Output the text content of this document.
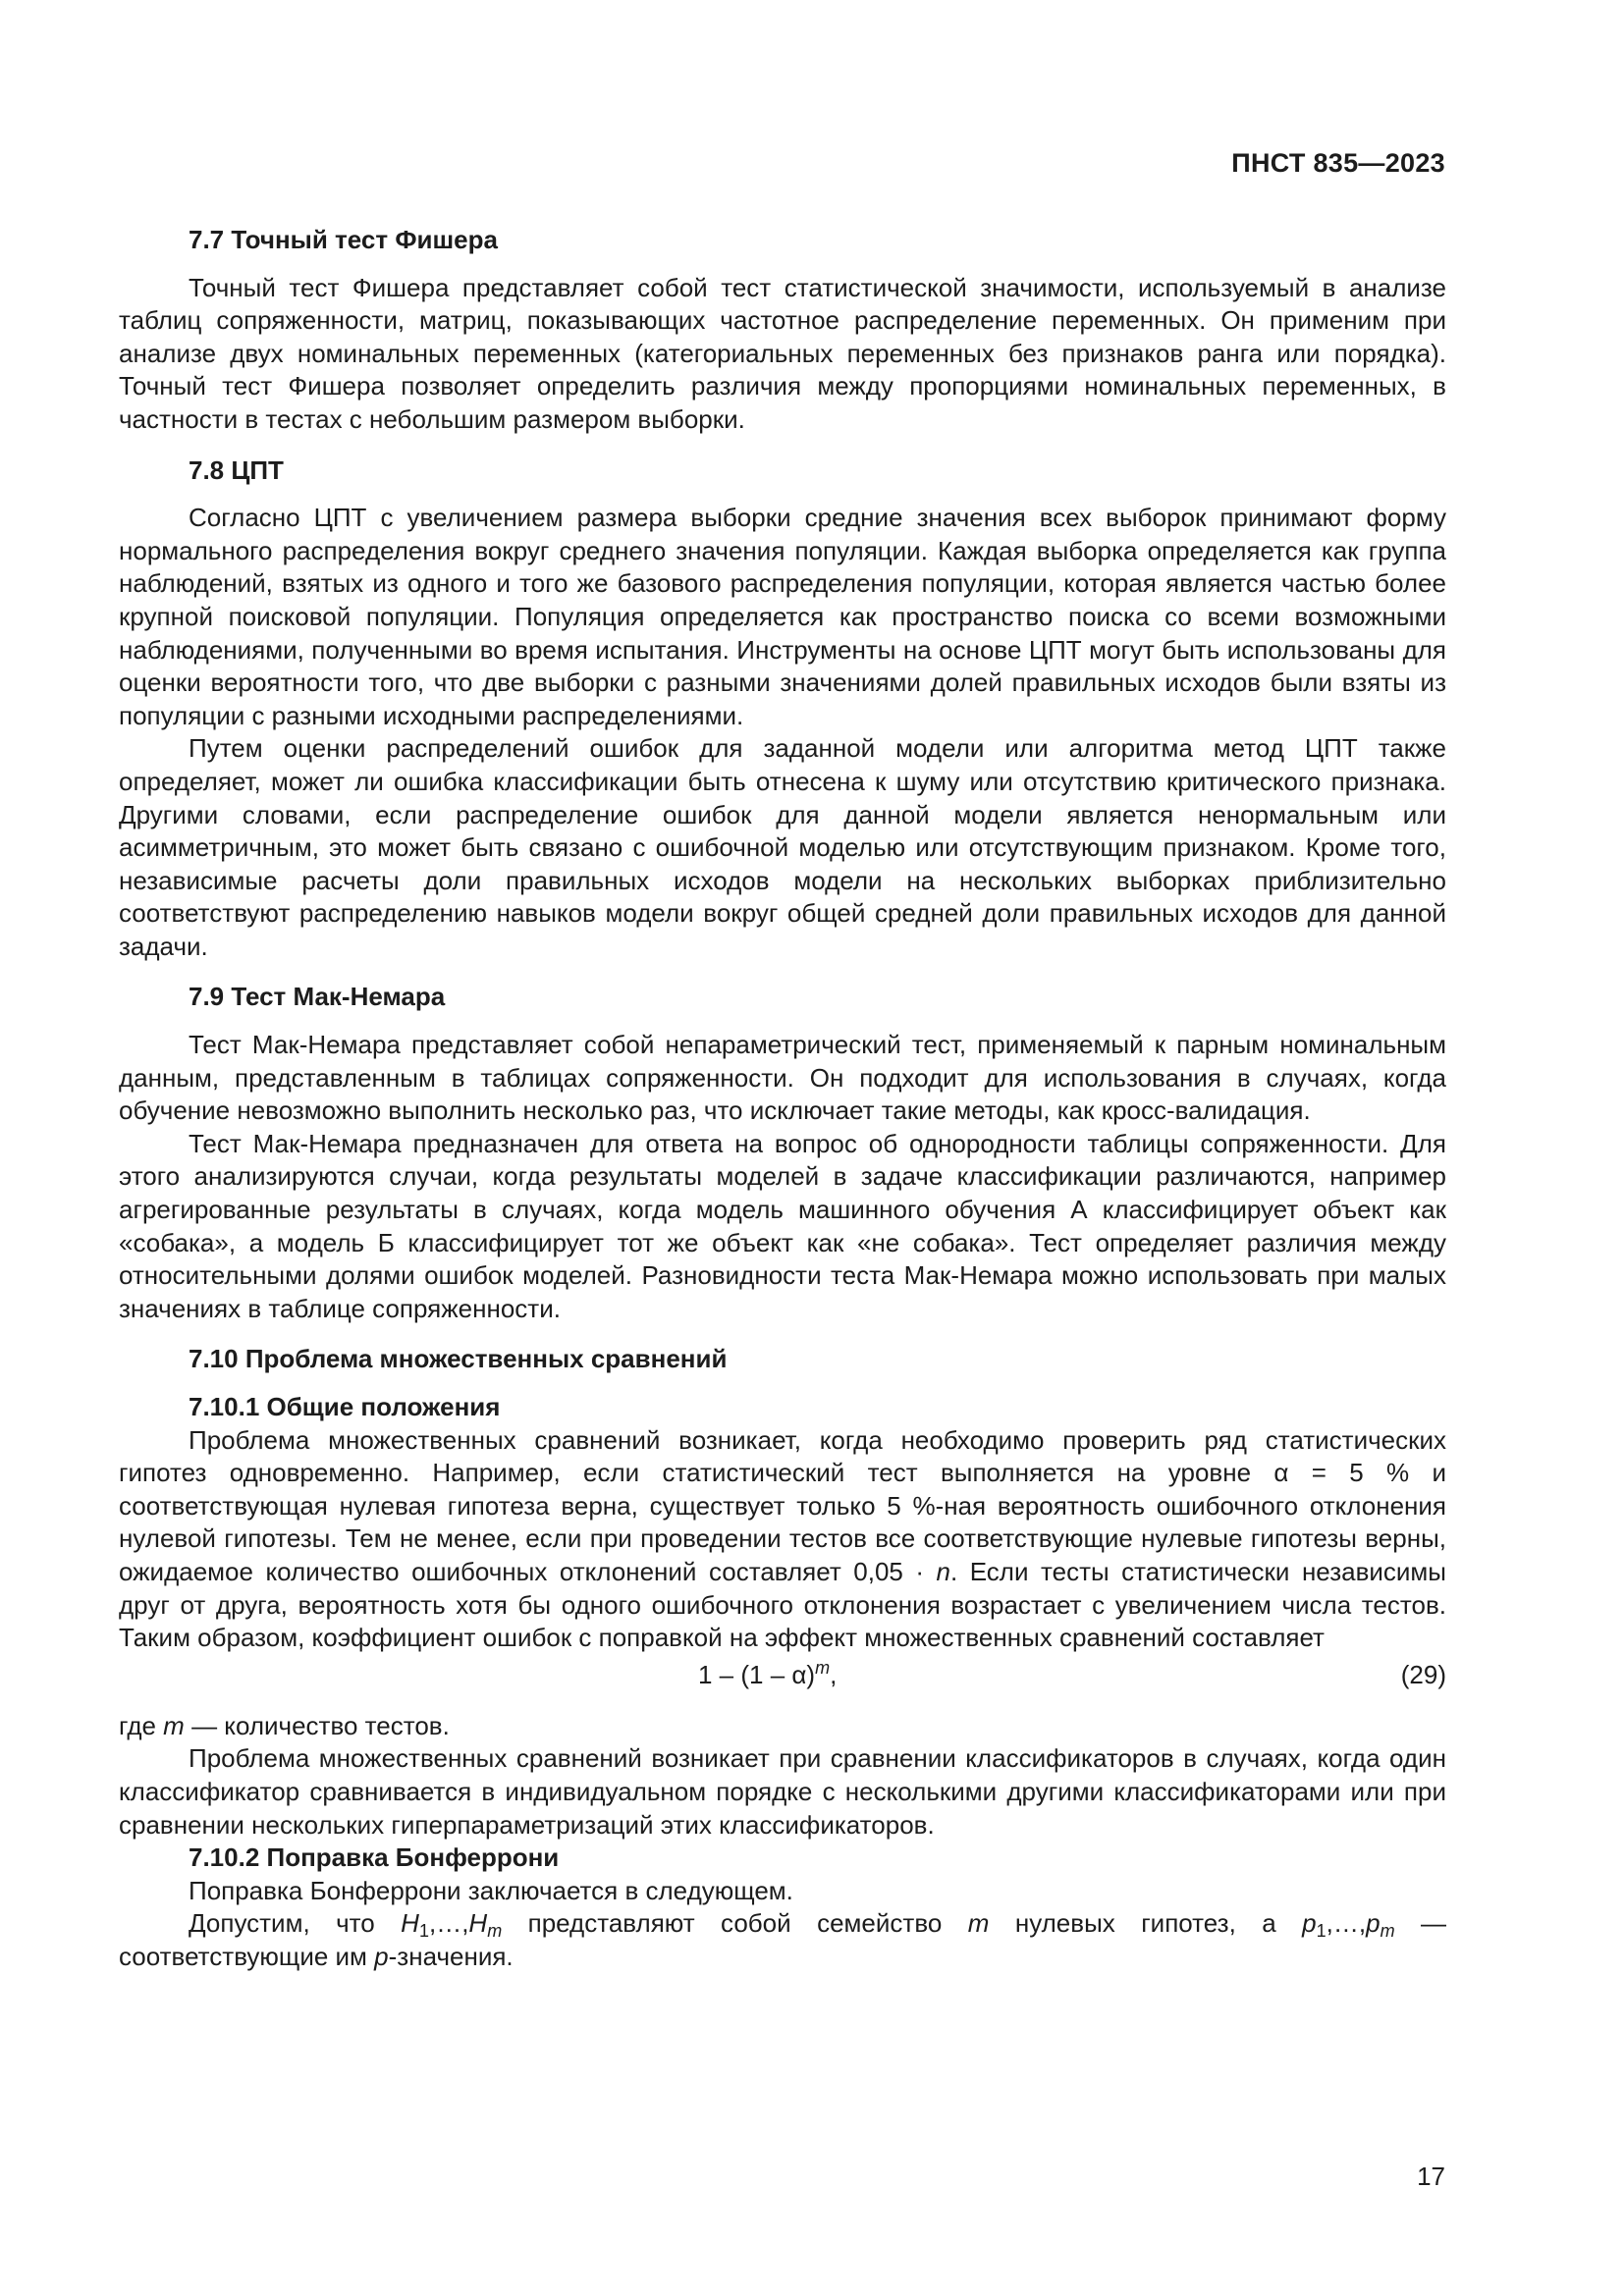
ПНСТ 835—2023
7.7 Точный тест Фишера

Точный тест Фишера представляет собой тест статистической значимости, используемый в анализе таблиц сопряженности, матриц, показывающих частотное распределение переменных. Он применим при анализе двух номинальных переменных (категориальных переменных без признаков ранга или порядка). Точный тест Фишера позволяет определить различия между пропорциями номинальных переменных, в частности в тестах с небольшим размером выборки.

7.8 ЦПТ

Согласно ЦПТ с увеличением размера выборки средние значения всех выборок принимают форму нормального распределения вокруг среднего значения популяции. Каждая выборка определяется как группа наблюдений, взятых из одного и того же базового распределения популяции, которая является частью более крупной поисковой популяции. Популяция определяется как пространство поиска со всеми возможными наблюдениями, полученными во время испытания. Инструменты на основе ЦПТ могут быть использованы для оценки вероятности того, что две выборки с разными значениями долей правильных исходов были взяты из популяции с разными исходными распределениями.

Путем оценки распределений ошибок для заданной модели или алгоритма метод ЦПТ также определяет, может ли ошибка классификации быть отнесена к шуму или отсутствию критического признака. Другими словами, если распределение ошибок для данной модели является ненормальным или асимметричным, это может быть связано с ошибочной моделью или отсутствующим признаком. Кроме того, независимые расчеты доли правильных исходов модели на нескольких выборках приблизительно соответствуют распределению навыков модели вокруг общей средней доли правильных исходов для данной задачи.

7.9 Тест Мак-Немара

Тест Мак-Немара представляет собой непараметрический тест, применяемый к парным номинальным данным, представленным в таблицах сопряженности. Он подходит для использования в случаях, когда обучение невозможно выполнить несколько раз, что исключает такие методы, как кросс-валидация.

Тест Мак-Немара предназначен для ответа на вопрос об однородности таблицы сопряженности. Для этого анализируются случаи, когда результаты моделей в задаче классификации различаются, например агрегированные результаты в случаях, когда модель машинного обучения А классифицирует объект как «собака», а модель Б классифицирует тот же объект как «не собака». Тест определяет различия между относительными долями ошибок моделей. Разновидности теста Мак-Немара можно использовать при малых значениях в таблице сопряженности.

7.10 Проблема множественных сравнений
7.10.1 Общие положения

Проблема множественных сравнений возникает, когда необходимо проверить ряд статистических гипотез одновременно. Например, если статистический тест выполняется на уровне α = 5 % и соответствующая нулевая гипотеза верна, существует только 5 %-ная вероятность ошибочного отклонения нулевой гипотезы. Тем не менее, если при проведении тестов все соответствующие нулевые гипотезы верны, ожидаемое количество ошибочных отклонений составляет 0,05 · n. Если тесты статистически независимы друг от друга, вероятность хотя бы одного ошибочного отклонения возрастает с увеличением числа тестов. Таким образом, коэффициент ошибок с поправкой на эффект множественных сравнений составляет

1 – (1 – α)$^m$,	(29)

где m — количество тестов.

Проблема множественных сравнений возникает при сравнении классификаторов в случаях, когда один классификатор сравнивается в индивидуальном порядке с несколькими другими классификаторами или при сравнении нескольких гиперпараметризаций этих классификаторов.

7.10.2 Поправка Бонферрони

Поправка Бонферрони заключается в следующем.

Допустим, что $H_1,\dots,H_m$ представляют собой семейство m нулевых гипотез, а $p_1,\dots,p_m$ — соответствующие им p-значения.

17
